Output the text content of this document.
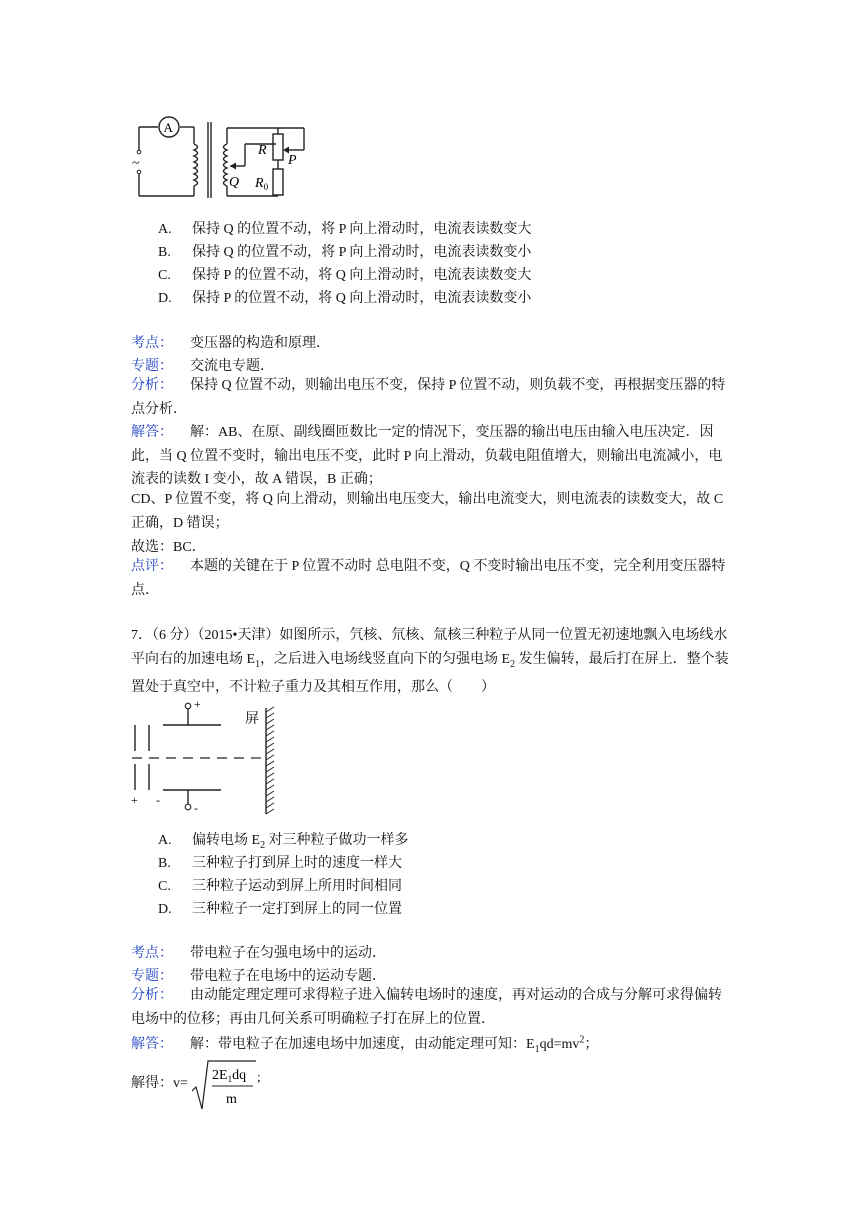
A
~
R
P
Q $R_0$
A. 保持 Q 的位置不动，将 P 向上滑动时，电流表读数变大
B. 保持 Q 的位置不动，将 P 向上滑动时，电流表读数变小
C. 保持 P 的位置不动，将 Q 向上滑动时，电流表读数变大
D. 保持 P 的位置不动，将 Q 向上滑动时，电流表读数变小
考点： 变压器的构造和原理．
专题： 交流电专题．
分析： 保持 Q 位置不动，则输出电压不变，保持 P 位置不动，则负载不变，再根据变压器的特点分析．
解答： 解：AB、在原、副线圈匝数比一定的情况下，变压器的输出电压由输入电压决定．因此，当 Q 位置不变时，输出电压不变，此时 P 向上滑动，负载电阻值增大，则输出电流减小，电流表的读数 I 变小，故 A 错误，B 正确；
CD、P 位置不变，将 Q 向上滑动，则输出电压变大，输出电流变大，则电流表的读数变大，故 C 正确，D 错误；
故选：BC．
点评： 本题的关键在于 P 位置不动时 总电阻不变，Q 不变时输出电压不变，完全利用变压器特点．
7．（6 分）（2015•天津）如图所示，氕核、氘核、氚核三种粒子从同一位置无初速地飘入电场线水平向右的加速电场 $E_1$，之后进入电场线竖直向下的匀强电场 $E_2$ 发生偏转，最后打在屏上．整个装置处于真空中，不计粒子重力及其相互作用，那么（　　）
屏
+
-
+ -
A. 偏转电场 $E_2$ 对三种粒子做功一样多
B. 三种粒子打到屏上时的速度一样大
C. 三种粒子运动到屏上所用时间相同
D. 三种粒子一定打到屏上的同一位置
考点： 带电粒子在匀强电场中的运动．
专题： 带电粒子在电场中的运动专题．
分析： 由动能定理定理可求得粒子进入偏转电场时的速度，再对运动的合成与分解可求得偏转电场中的位移；再由几何关系可明确粒子打在屏上的位置．
解答： 解：带电粒子在加速电场中加速度，由动能定理可知：$E_1qd=mv^2$；
解得：v=
$2E_1dq$
m
;
